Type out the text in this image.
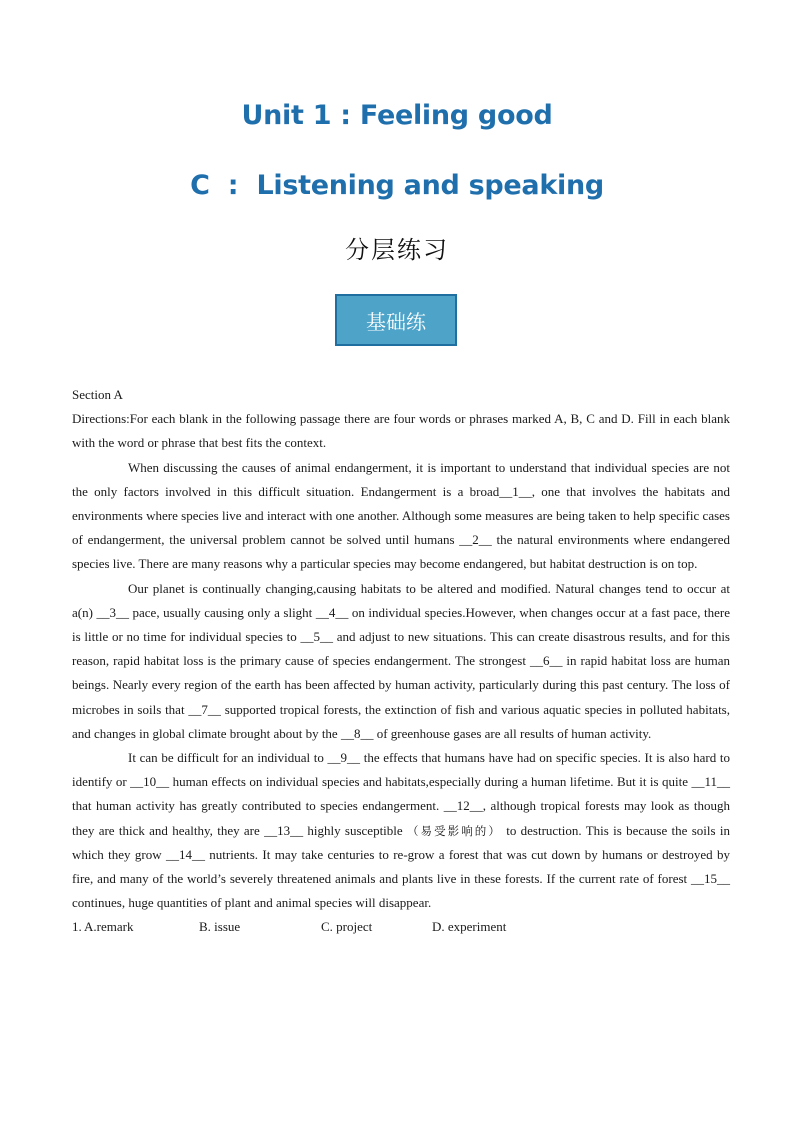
Unit 1 : Feeling good
C  :  Listening and speaking
分层练习
基础练

Section A

Directions:For each blank in the following passage there are four words or phrases marked A, B, C and D. Fill in each blank with the word or phrase that best fits the context.

When discussing the causes of animal endangerment, it is important to understand that individual species are not the only factors involved in this difficult situation. Endangerment is a broad__1__, one that involves the habitats and environments where species live and interact with one another. Although some measures are being taken to help specific cases of endangerment, the universal problem cannot be solved until humans __2__ the natural environments where endangered species live. There are many reasons why a particular species may become endangered, but habitat destruction is on top.

Our planet is continually changing,causing habitats to be altered and modified. Natural changes tend to occur at a(n) __3__ pace, usually causing only a slight __4__ on individual species.However, when changes occur at a fast pace, there is little or no time for individual species to __5__ and adjust to new situations. This can create disastrous results, and for this reason, rapid habitat loss is the primary cause of species endangerment. The strongest __6__ in rapid habitat loss are human beings. Nearly every region of the earth has been affected by human activity, particularly during this past century. The loss of microbes in soils that __7__ supported tropical forests, the extinction of fish and various aquatic species in polluted habitats, and changes in global climate brought about by the __8__ of greenhouse gases are all results of human activity.

It can be difficult for an individual to __9__ the effects that humans have had on specific species. It is also hard to identify or __10__ human effects on individual species and habitats,especially during a human lifetime. But it is quite __11__ that human activity has greatly contributed to species endangerment. __12__, although tropical forests may look as though they are thick and healthy, they are __13__ highly susceptible （易受影响的） to destruction. This is because the soils in which they grow __14__ nutrients. It may take centuries to re-grow a forest that was cut down by humans or destroyed by fire, and many of the world’s severely threatened animals and plants live in these forests. If the current rate of forest __15__ continues, huge quantities of plant and animal species will disappear.

1. A.remark	B. issue	C. project	D. experiment
